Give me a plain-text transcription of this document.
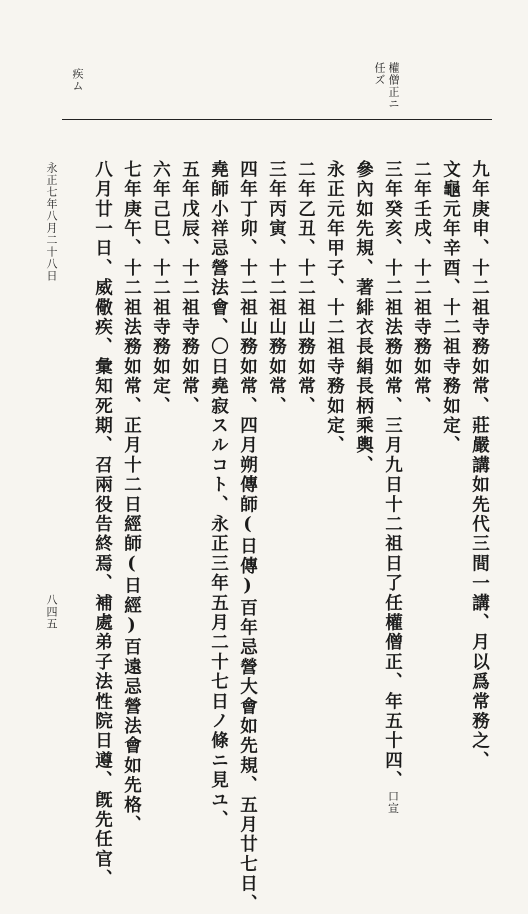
權僧正ニ
任ズ
疾ム
九年庚申、十二祖寺務如常、莊嚴講如先代三間一講、月以爲常務之、
文龜元年辛酉、十二祖寺務如定、
二年壬戌、十二祖寺務如常、
三年癸亥、十二祖法務如常、三月九日十二祖日了任權僧正、年五十四、口宣
參內如先規、著緋衣長絹長柄乘輿、
永正元年甲子、十二祖寺務如定、
二年乙丑、十二祖山務如常、
三年丙寅、十二祖山務如常、
四年丁卯、十二祖山務如常、四月朔傳師(日傳)百年忌營大會如先規、五月廿七日、
堯師小祥忌營法會、〇日堯寂スルコト、永正三年五月二十七日ノ條ニ見ユ、
五年戊辰、十二祖寺務如常、
六年己巳、十二祖寺務如定、
七年庚午、十二祖法務如常、正月十二日經師(日經)百遠忌營法會如先格、
八月廿一日、威儆疾、彙知死期、召兩役告終焉、補處弟子法性院日遵、旣先任官、
永正七年八月二十八日
八四五
